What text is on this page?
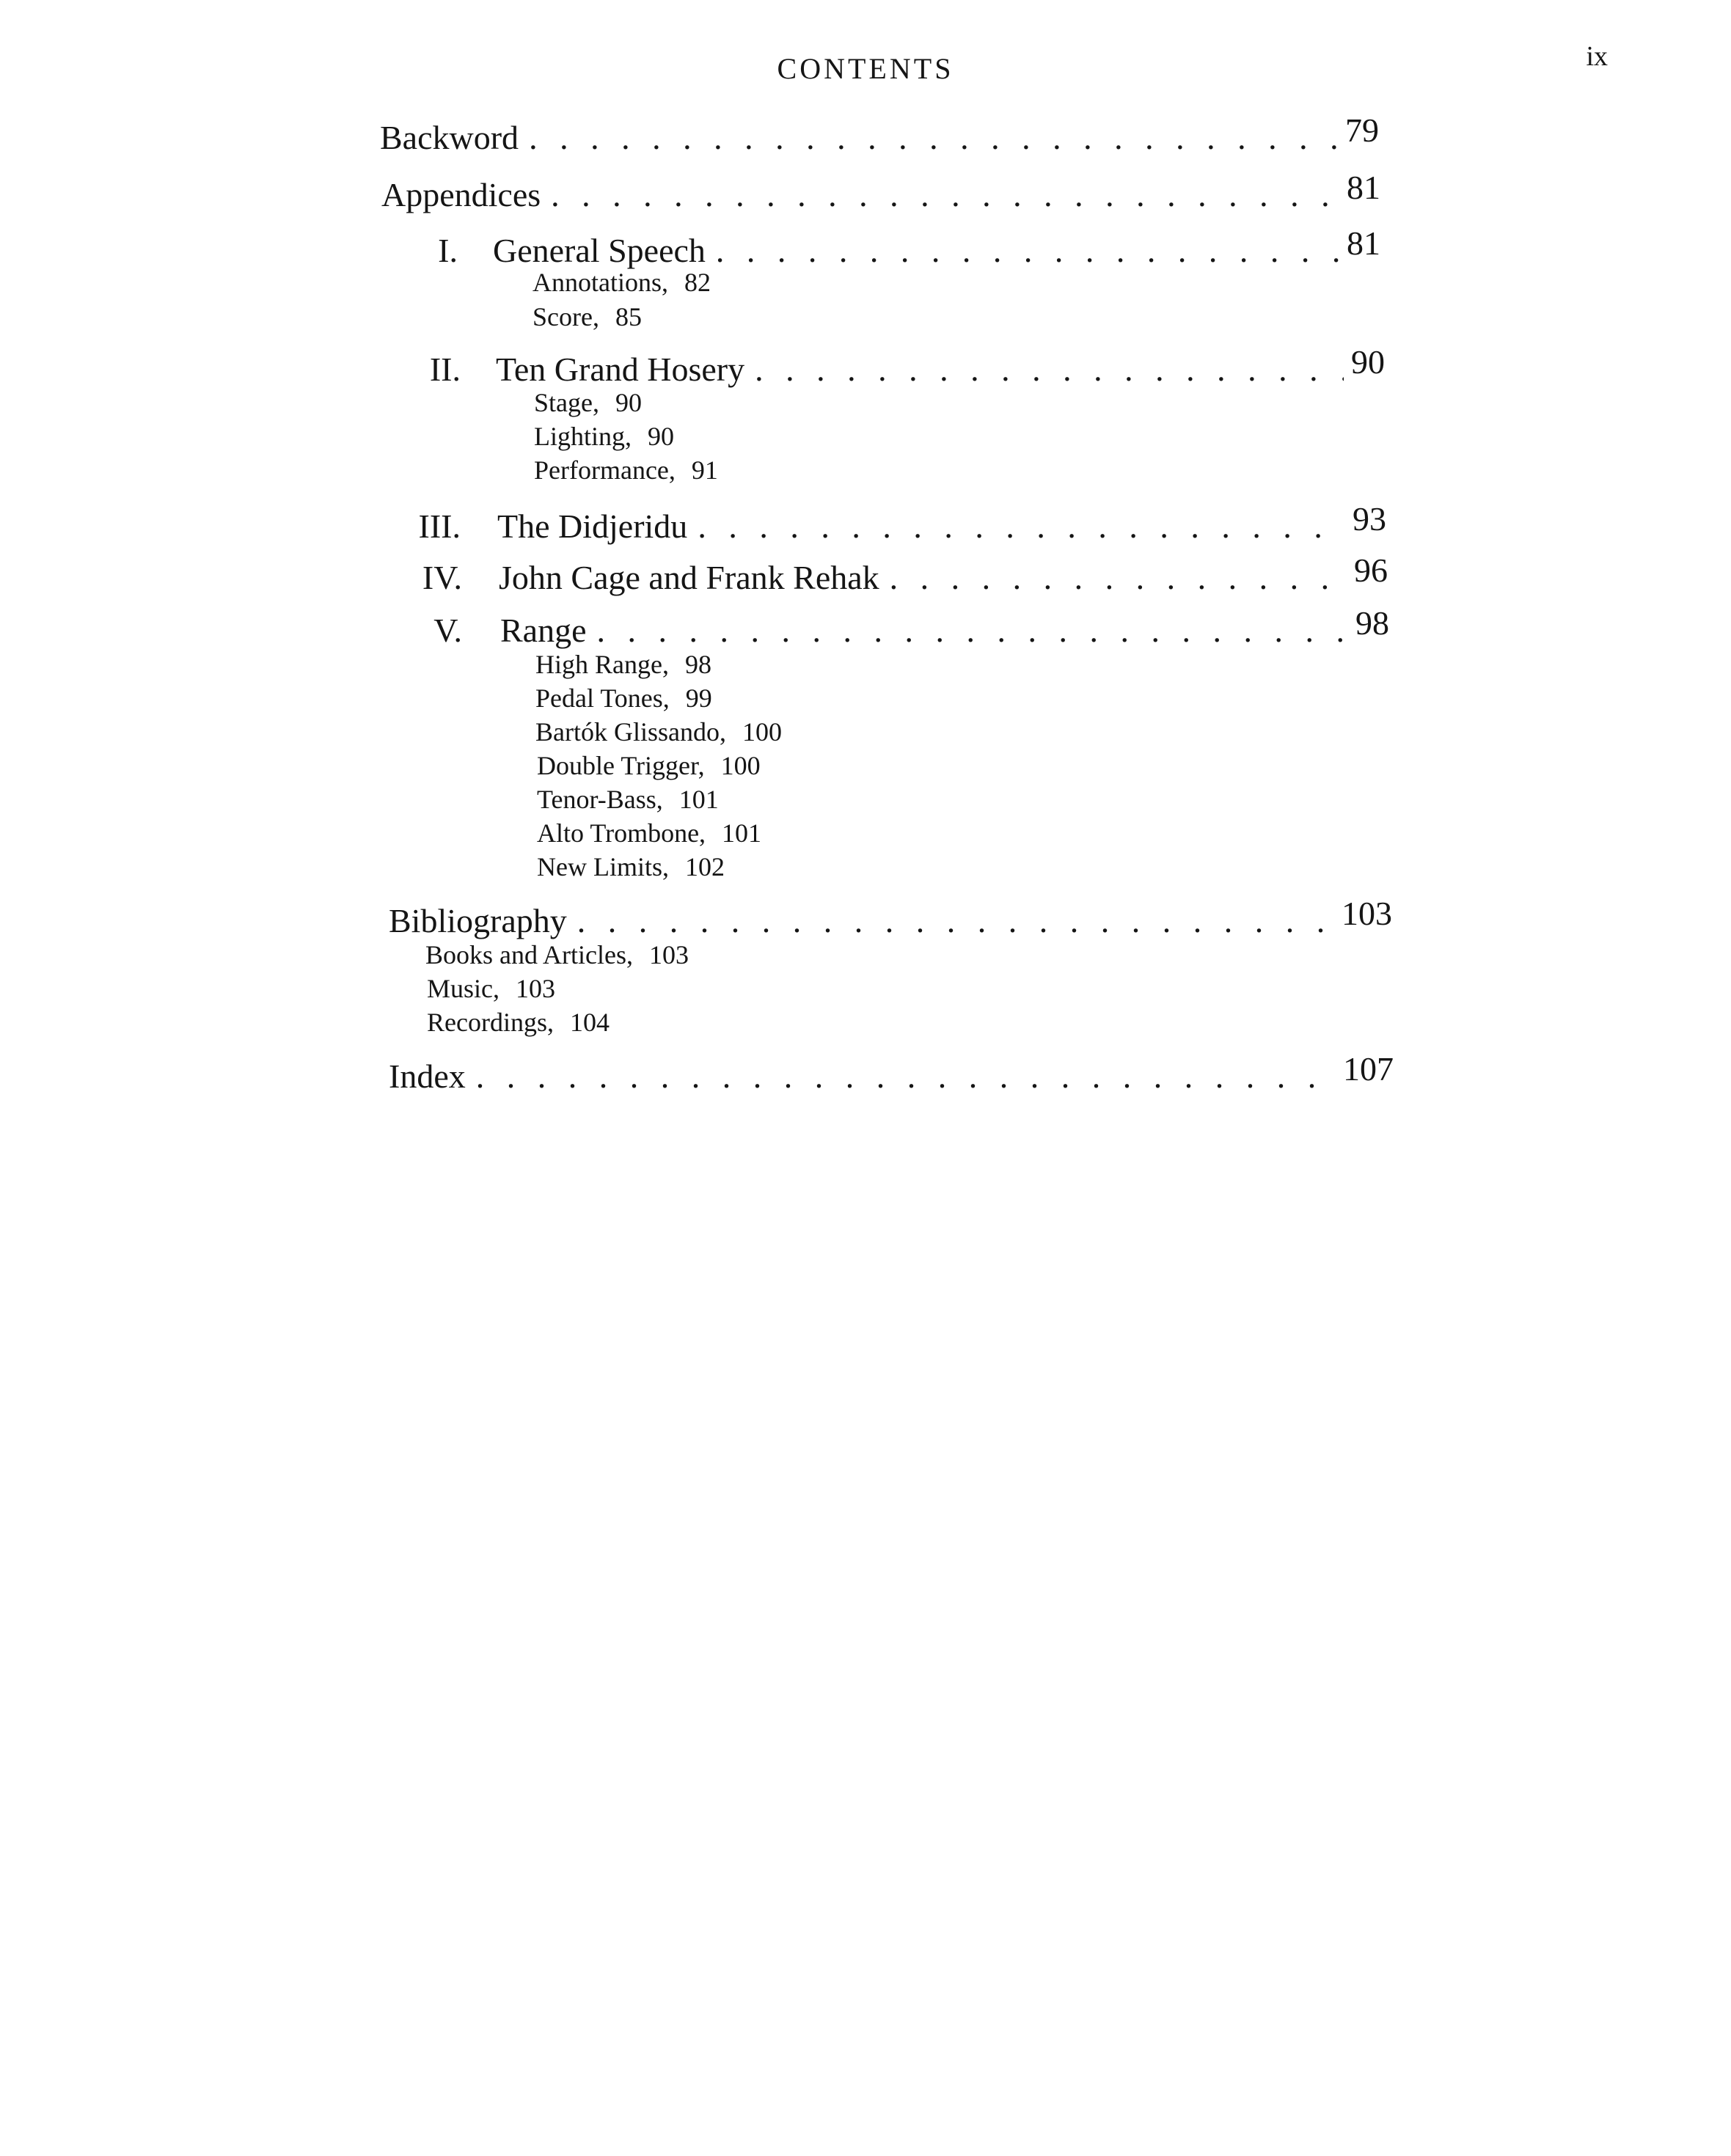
CONTENTS	ix
Backword . . .	79
Appendices . . .	81
I. General Speech . . .	81
Annotations, 82
Score, 85
II. Ten Grand Hosery . . .	90
Stage, 90
Lighting, 90
Performance, 91
III. The Didjeridu . . .	93
IV. John Cage and Frank Rehak . . .	96
V. Range . . .	98
High Range, 98
Pedal Tones, 99
Bartók Glissando, 100
Double Trigger, 100
Tenor-Bass, 101
Alto Trombone, 101
New Limits, 102
Bibliography . . .	103
Books and Articles, 103
Music, 103
Recordings, 104
Index . . .	107
